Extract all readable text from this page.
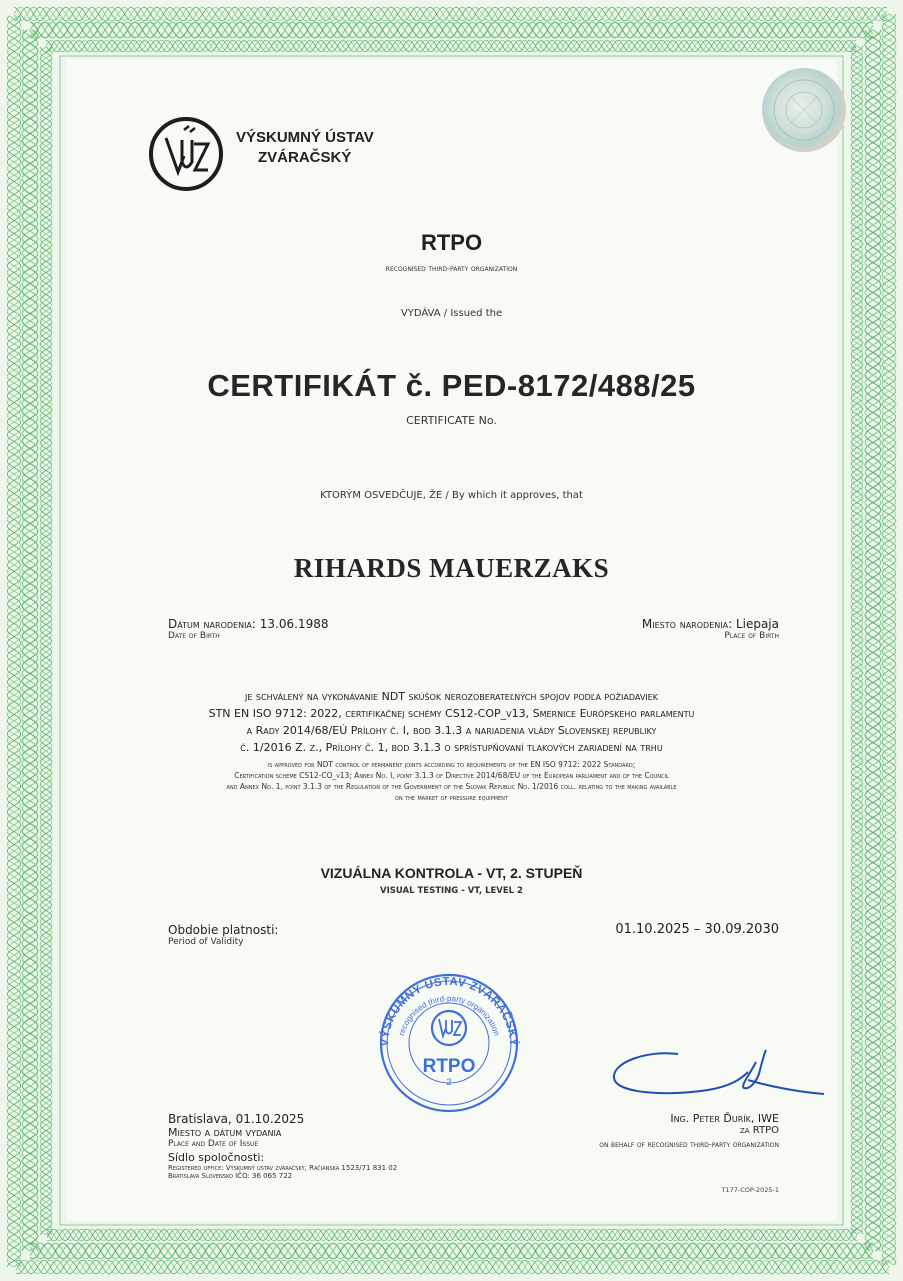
VÝSKUMNÝ ÚSTAV
ZVÁRAČSKÝ
RTPO
recognised third-party organization
VYDÁVA / Issued the
CERTIFIKÁT č. PED-8172/488/25
CERTIFICATE No.
KTORÝM OSVEDČUJE, ŽE / By which it approves, that
RIHARDS MAUERZAKS
Dátum narodenia: 13.06.1988
Date of Birth
Miesto narodenia: Liepaja
Place of Birth
je schválený na vykonávanie NDT skúšok nerozoberateľných spojov podľa požiadaviek
STN EN ISO 9712: 2022, certifikačnej schémy CS12-COP_v13, Smernice Európskeho parlamentu
a Rady 2014/68/EÚ Prílohy č. I, bod 3.1.3 a nariadenia vlády Slovenskej republiky
č. 1/2016 Z. z., Prílohy č. 1, bod 3.1.3 o sprístupňovaní tlakových zariadení na trhu
is approved for NDT control of permanent joints according to requirements of the EN ISO 9712: 2022 Standard;
Certification scheme CS12-CO_v13; Annex No. I, point 3.1.3 of Directive 2014/68/EU of the European parliament and of the Council
and Annex No. 1, point 3.1.3 of the Regulation of the Government of the Slovak Republic No. 1/2016 coll. relating to the making available
on the market of pressure equipment
VIZUÁLNA KONTROLA - VT, 2. STUPEŇ
VISUAL TESTING - VT, LEVEL 2
Obdobie platnosti:
Period of Validity
01.10.2025 – 30.09.2030
VÝSKUMNÝ ÚSTAV ZVÁRAČSKÝ
recognised third-party organization
RTPO
2
Bratislava, 01.10.2025
Miesto a dátum vydania
Place and Date of Issue
Sídlo spoločnosti:
Registered office: Výskumný ústav zváračský, Račianska 1523/71 831 02
Bratislava Slovensko IČO: 36 065 722
Ing. Peter Ďurík, IWE
za RTPO
on behalf of recognised third-party organization
T177-COP-2025-1
